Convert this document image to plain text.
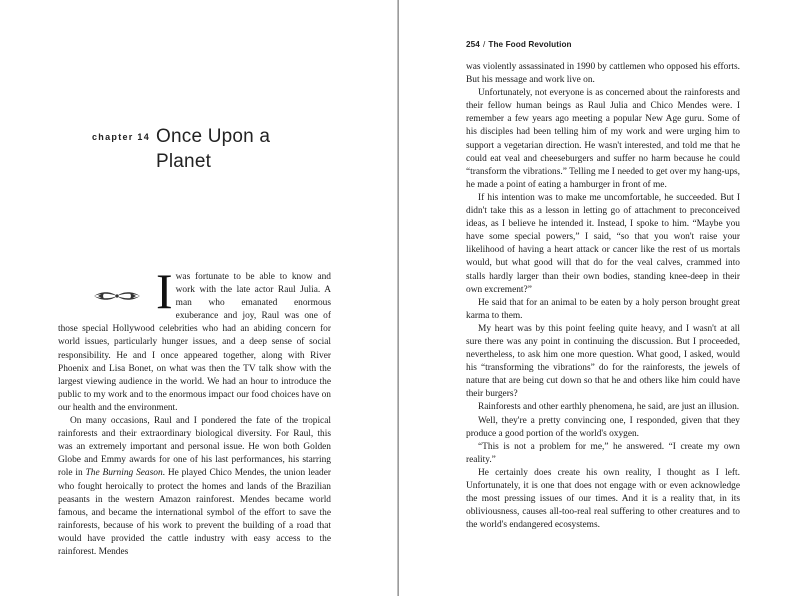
chapter 14 Once Upon a Planet

Iwas fortunate to be able to know and work with the late actor Raul Julia. A man who emanated enormous exuberance and joy, Raul was one of those special Hollywood celebrities who had an abiding concern for world issues, particularly hunger issues, and a deep sense of social responsibility. He and I once appeared together, along with River Phoenix and Lisa Bonet, on what was then the TV talk show with the largest viewing audience in the world. We had an hour to introduce the public to my work and to the enormous impact our food choices have on our health and the environment.

On many occasions, Raul and I pondered the fate of the tropical rainforests and their extraordinary biological diversity. For Raul, this was an extremely important and personal issue. He won both Golden Globe and Emmy awards for one of his last performances, his starring role in The Burning Season. He played Chico Mendes, the union leader who fought heroically to protect the homes and lands of the Brazilian peasants in the western Amazon rainforest. Mendes became world famous, and became the international symbol of the effort to save the rainforests, because of his work to prevent the building of a road that would have provided the cattle industry with easy access to the rainforest. Mendes

254 / The Food Revolution

was violently assassinated in 1990 by cattlemen who opposed his efforts. But his message and work live on.

Unfortunately, not everyone is as concerned about the rainforests and their fellow human beings as Raul Julia and Chico Mendes were. I remember a few years ago meeting a popular New Age guru. Some of his disciples had been telling him of my work and were urging him to support a vegetarian direction. He wasn't interested, and told me that he could eat veal and cheeseburgers and suffer no harm because he could “transform the vibrations.” Telling me I needed to get over my hang-ups, he made a point of eating a hamburger in front of me.

If his intention was to make me uncomfortable, he succeeded. But I didn't take this as a lesson in letting go of attachment to preconceived ideas, as I believe he intended it. Instead, I spoke to him. “Maybe you have some special powers,” I said, “so that you won't raise your likelihood of having a heart attack or cancer like the rest of us mortals would, but what good will that do for the veal calves, crammed into stalls hardly larger than their own bodies, standing knee-deep in their own excrement?”

He said that for an animal to be eaten by a holy person brought great karma to them.

My heart was by this point feeling quite heavy, and I wasn't at all sure there was any point in continuing the discussion. But I proceeded, nevertheless, to ask him one more question. What good, I asked, would his “transforming the vibrations” do for the rainforests, the jewels of nature that are being cut down so that he and others like him could have their burgers?

Rainforests and other earthly phenomena, he said, are just an illusion.

Well, they're a pretty convincing one, I responded, given that they produce a good portion of the world's oxygen.

“This is not a problem for me,” he answered. “I create my own reality.”

He certainly does create his own reality, I thought as I left. Unfortunately, it is one that does not engage with or even acknowledge the most pressing issues of our times. And it is a reality that, in its obliviousness, causes all-too-real real suffering to other creatures and to the world's endangered ecosystems.
